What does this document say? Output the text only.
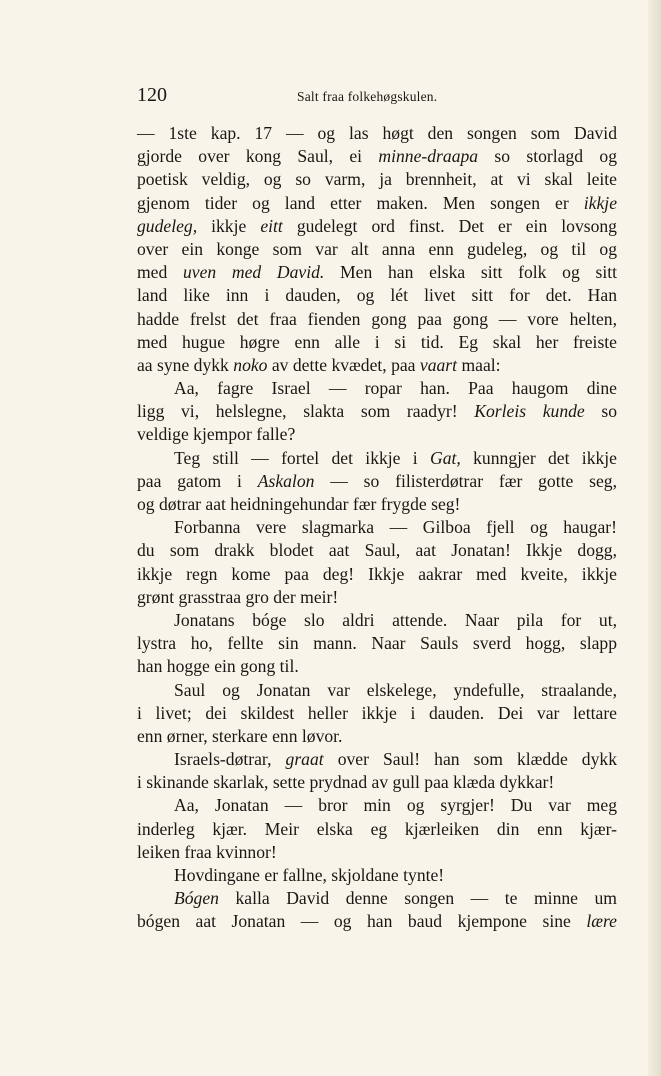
120	Salt fraa folkehøgskulen.
— 1ste kap. 17 — og las høgt den songen som David
gjorde over kong Saul, ei minne-draapa so storlagd og
poetisk veldig, og so varm, ja brennheit, at vi skal leite
gjenom tider og land etter maken. Men songen er ikkje
gudeleg, ikkje eitt gudelegt ord finst. Det er ein lovsong
over ein konge som var alt anna enn gudeleg, og til og
med uven med David. Men han elska sitt folk og sitt
land like inn i dauden, og lét livet sitt for det. Han
hadde frelst det fraa fienden gong paa gong — vore helten,
med hugue høgre enn alle i si tid. Eg skal her freiste
aa syne dykk noko av dette kvædet, paa vaart maal:
Aa, fagre Israel — ropar han. Paa haugom dine
ligg vi, helslegne, slakta som raadyr! Korleis kunde so
veldige kjempor falle?
Teg still — fortel det ikkje i Gat, kunngjer det ikkje
paa gatom i Askalon — so filisterdøtrar fær gotte seg,
og døtrar aat heidningehundar fær frygde seg!
Forbanna vere slagmarka — Gilboa fjell og haugar!
du som drakk blodet aat Saul, aat Jonatan! Ikkje dogg,
ikkje regn kome paa deg! Ikkje aakrar med kveite, ikkje
grønt grasstraa gro der meir!
Jonatans bóge slo aldri attende. Naar pila for ut,
lystra ho, fellte sin mann. Naar Sauls sverd hogg, slapp
han hogge ein gong til.
Saul og Jonatan var elskelege, yndefulle, straalande,
i livet; dei skildest heller ikkje i dauden. Dei var lettare
enn ørner, sterkare enn løvor.
Israels-døtrar, graat over Saul! han som klædde dykk
i skinande skarlak, sette prydnad av gull paa klæda dykkar!
Aa, Jonatan — bror min og syrgjer! Du var meg
inderleg kjær. Meir elska eg kjærleiken din enn kjær-
leiken fraa kvinnor!
Hovdingane er fallne, skjoldane tynte!
Bógen kalla David denne songen — te minne um
bógen aat Jonatan — og han baud kjempone sine lære
